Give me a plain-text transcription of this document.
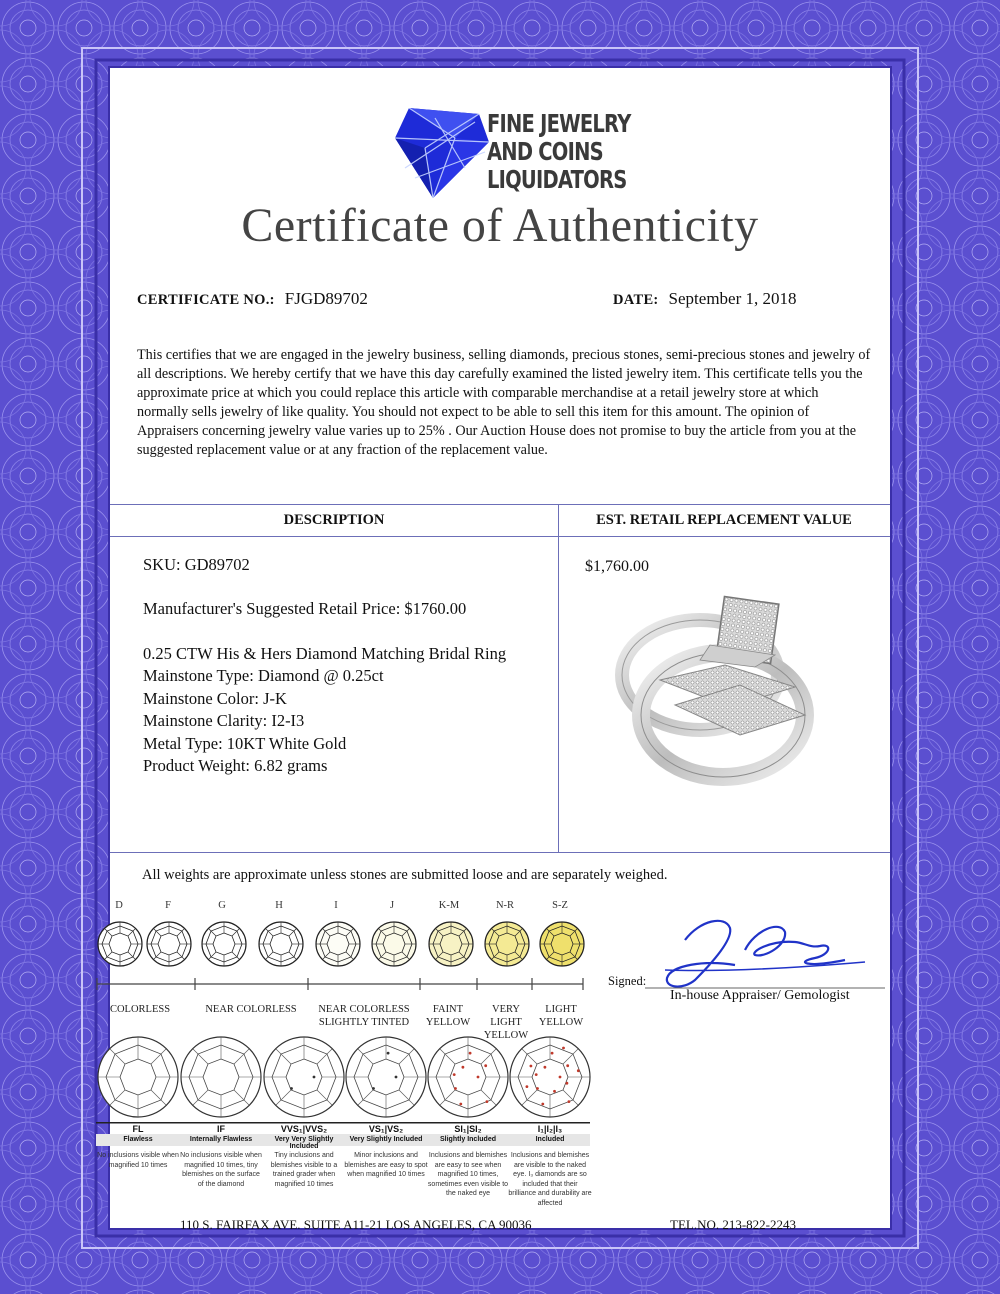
FINE JEWELRY
AND COINS
LIQUIDATORS
Certificate of Authenticity
CERTIFICATE NO.: FJGD89702	DATE: September 1, 2018
This certifies that we are engaged in the jewelry business, selling diamonds, precious stones, semi-precious stones and jewelry of all descriptions. We hereby certify that we have this day carefully examined the listed jewelry item. This certificate tells you the approximate price at which you could replace this article with comparable merchandise at a retail jewelry store at which normally sells jewelry of like quality. You should not expect to be able to sell this item for this amount. The opinion of Appraisers concerning jewelry value varies up to 25% . Our Auction House does not promise to buy the article from you at the suggested replacement value or at any fraction of the replacement value.
DESCRIPTION	EST. RETAIL REPLACEMENT VALUE
SKU: GD89702
Manufacturer's Suggested Retail Price: $1760.00
0.25 CTW His & Hers Diamond Matching Bridal Ring
Mainstone Type: Diamond @ 0.25ct
Mainstone Color: J-K
Mainstone Clarity: I2-I3
Metal Type: 10KT White Gold
Product Weight: 6.82 grams
$1,760.00
All weights are approximate unless stones are submitted loose and are separately weighed.
D	F	G	H	I	J	K-M	N-R	S-Z
COLORLESS	NEAR COLORLESS	NEAR COLORLESS
SLIGHTLY TINTED
FAINT
YELLOW
VERY LIGHT
YELLOW
LIGHT
YELLOW
FL
Flawless
No inclusions visible when magnified 10 times
IF
Internally Flawless
No inclusions visible when magnified 10 times, tiny blemishes on the surface of the diamond
VVS₁|VVS₂
Very Very Slightly Included
Tiny inclusions and blemishes visible to a trained grader when magnified 10 times
VS₁|VS₂
Very Slightly Included
Minor inclusions and blemishes are easy to spot when magnified 10 times
SI₁|SI₂
Slightly Included
Inclusions and blemishes are easy to see when magnified 10 times, sometimes even visible to the naked eye
I₁|I₂|I₃
Included
Inclusions and blemishes are visible to the naked eye. I₃ diamonds are so included that their brilliance and durability are affected
Signed:
In-house Appraiser/ Gemologist
110 S. FAIRFAX AVE. SUITE A11-21 LOS ANGELES, CA 90036	TEL.NO. 213-822-2243
